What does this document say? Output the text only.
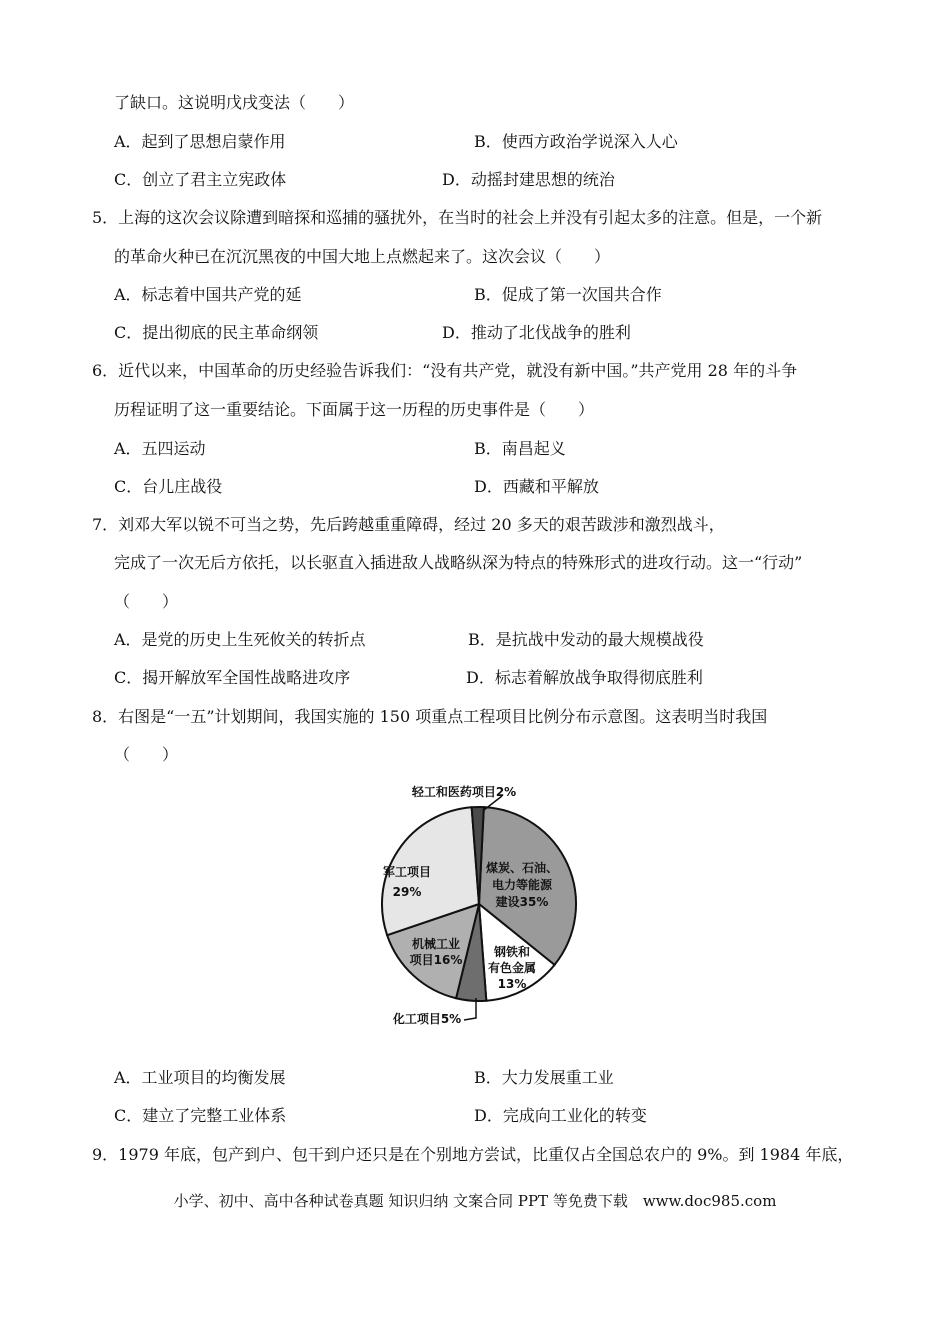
了缺口。这说明戊戌变法（　　）
A．起到了思想启蒙作用	B．使西方政治学说深入人心
C．创立了君主立宪政体	D．动摇封建思想的统治
5．上海的这次会议除遭到暗探和巡捕的骚扰外，在当时的社会上并没有引起太多的注意。但是，一个新
的革命火种已在沉沉黑夜的中国大地上点燃起来了。这次会议（　　）
A．标志着中国共产党的延	B．促成了第一次国共合作
C．提出彻底的民主革命纲领	D．推动了北伐战争的胜利
6．近代以来，中国革命的历史经验告诉我们：“没有共产党，就没有新中国。”共产党用 28 年的斗争
历程证明了这一重要结论。下面属于这一历程的历史事件是（　　）
A．五四运动	B．南昌起义
C．台儿庄战役	D．西藏和平解放
7．刘邓大军以锐不可当之势，先后跨越重重障碍，经过 20 多天的艰苦跋涉和激烈战斗，
完成了一次无后方依托，以长驱直入插进敌人战略纵深为特点的特殊形式的进攻行动。这一“行动”
（　　）
A．是党的历史上生死攸关的转折点	B．是抗战中发动的最大规模战役
C．揭开解放军全国性战略进攻序	D．标志着解放战争取得彻底胜利
8．右图是“一五”计划期间，我国实施的 150 项重点工程项目比例分布示意图。这表明当时我国
（　　）
煤炭、石油、电力等能源建设35%
钢铁和有色金属 13%
化工项目5%
机械工业项目16%
军工项目 29%
轻工和医药项目2%
A．工业项目的均衡发展	B．大力发展重工业
C．建立了完整工业体系	D．完成向工业化的转变
9．1979 年底，包产到户、包干到户还只是在个别地方尝试，比重仅占全国总农户的 9%。到 1984 年底，
小学、初中、高中各种试卷真题 知识归纳 文案合同 PPT 等免费下载　www.doc985.com
